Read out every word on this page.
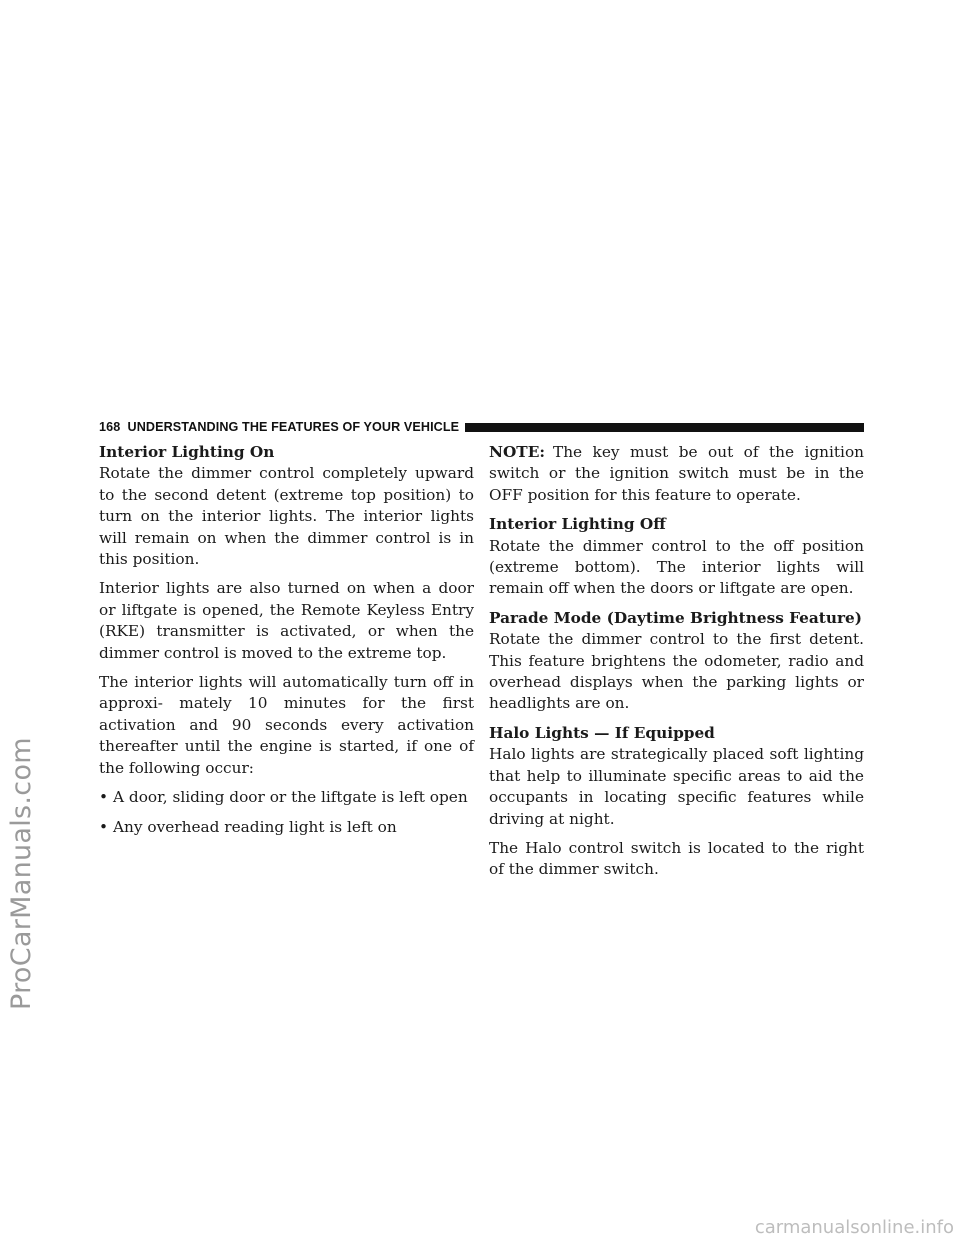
ProCarManuals.com
168 UNDERSTANDING THE FEATURES OF YOUR VEHICLE
Interior Lighting On

Rotate the dimmer control completely upward to the second detent (extreme top position) to turn on the interior lights. The interior lights will remain on when the dimmer control is in this position.

Interior lights are also turned on when a door or liftgate is opened, the Remote Keyless Entry (RKE) transmitter is activated, or when the dimmer control is moved to the extreme top.

The interior lights will automatically turn off in approxi- mately 10 minutes for the first activation and 90 seconds every activation thereafter until the engine is started, if one of the following occur:

• A door, sliding door or the liftgate is left open
• Any overhead reading light is left on

NOTE: The key must be out of the ignition switch or the ignition switch must be in the OFF position for this feature to operate.

Interior Lighting Off

Rotate the dimmer control to the off position (extreme bottom). The interior lights will remain off when the doors or liftgate are open.

Parade Mode (Daytime Brightness Feature)

Rotate the dimmer control to the first detent. This feature brightens the odometer, radio and overhead displays when the parking lights or headlights are on.

Halo Lights — If Equipped

Halo lights are strategically placed soft lighting that help to illuminate specific areas to aid the occupants in locating specific features while driving at night.

The Halo control switch is located to the right of the dimmer switch.

carmanualsonline.info
